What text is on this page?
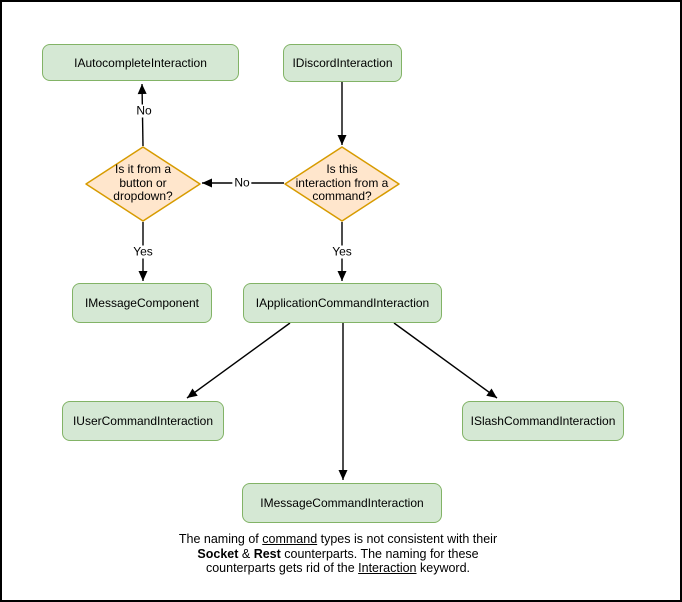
IAutocompleteInteraction	IDiscordInteraction
IMessageComponent	IApplicationCommandInteraction
IUserCommandInteraction	ISlashCommandInteraction
IMessageCommandInteraction
Is it from a
button or
dropdown?
Is this
interaction from a
command?
No
No
Yes	Yes
The naming of command types is not consistent with their
Socket & Rest counterparts. The naming for these
counterparts gets rid of the Interaction keyword.
